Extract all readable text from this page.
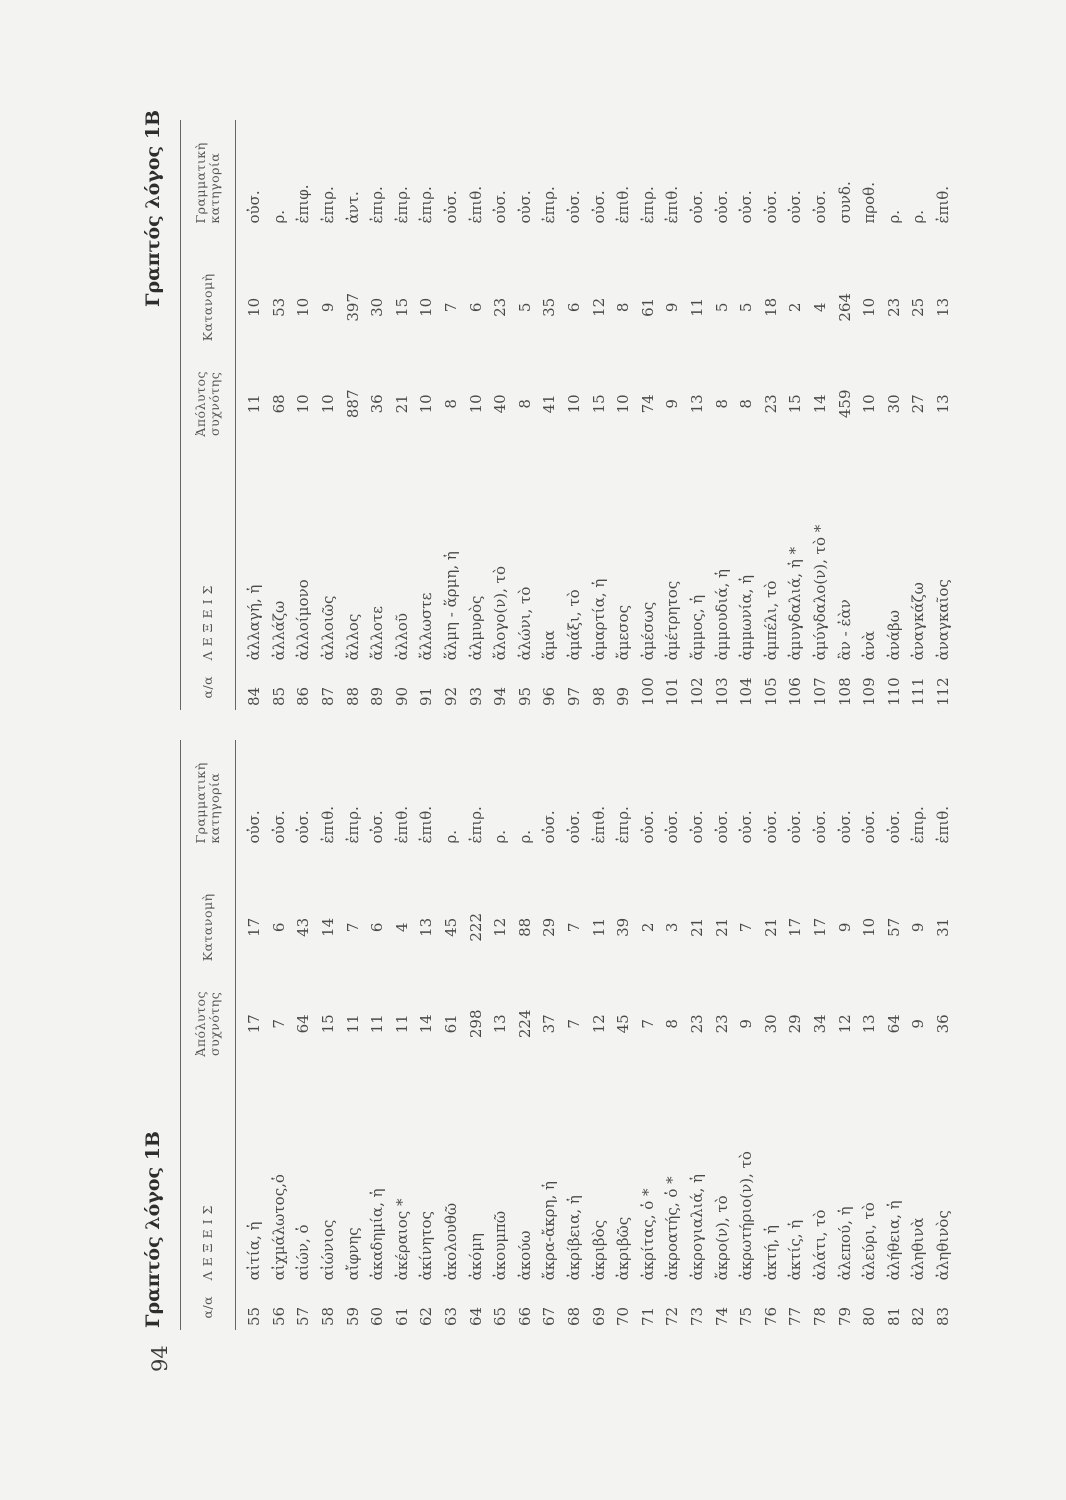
94
Γραπτός λόγος 1Β	α/α
Λ Ε Ξ Ε Ι Σ
Ἀπόλυτος
συχνότης
Κατανομὴ
Γραμματικὴ
κατηγορία
55
αἰτία, ἡ
17
17
οὐσ.
56
αἰχμάλωτος,ὁ
7
6
οὐσ.
57
αἰών, ὁ
64
43
οὐσ.
58
αἰώνιος
15
14
ἐπιθ.
59
αἴφνης
11
7
ἐπιρ.
60
ἀκαδημία, ἡ
11
6
οὐσ.
61
ἀκέραιος *
11
4
ἐπιθ.
62
ἀκίνητος
14
13
ἐπιθ.
63
ἀκολουθῶ
61
45
ρ.
64
ἀκόμη
298
222
ἐπιρ.
65
ἀκουμπῶ
13
12
ρ.
66
ἀκούω
224
88
ρ.
67
ἄκρα-ἄκρη, ἡ
37
29
οὐσ.
68
ἀκρίβεια, ἡ
7
7
οὐσ.
69
ἀκριβὸς
12
11
ἐπιθ.
70
ἀκριβῶς
45
39
ἐπιρ.
71
ἀκρίτας, ὁ *
7
2
οὐσ.
72
ἀκροατής, ὁ *
8
3
οὐσ.
73
ἀκρογιαλιά, ἡ
23
21
οὐσ.
74
ἄκρο(ν), τὸ
23
21
οὐσ.
75
ἀκρωτήριο(ν), τὸ
9
7
οὐσ.
76
ἀκτή, ἡ
30
21
οὐσ.
77
ἀκτίς, ἡ
29
17
οὐσ.
78
ἀλάτι, τὸ
34
17
οὐσ.
79
ἀλεπού, ἡ
12
9
οὐσ.
80
ἀλεύρι, τὸ
13
10
οὐσ.
81
ἀλήθεια, ἡ
64
57
οὐσ.
82
ἀληθινὰ
9
9
ἐπιρ.
83
ἀληθινὸς
36
31
ἐπιθ.
Γραπτός λόγος 1Β
α/α
Λ Ε Ξ Ε Ι Σ
Ἀπόλυτος
συχνότης
Κατανομὴ
Γραμματικὴ
κατηγορία
84
ἀλλαγή, ἡ
11
10
οὐσ.
85
ἀλλάζω
68
53
ρ.
86
ἀλλοίμονο
10
10
ἐπιφ.
87
ἀλλοιῶς
10
9
ἐπιρ.
88
ἄλλος
887
397
ἀντ.
89
ἄλλοτε
36
30
ἐπιρ.
90
ἀλλοῦ
21
15
ἐπιρ.
91
ἄλλωστε
10
10
ἐπιρ.
92
ἅλμη - ἅρμη, ἡ
8
7
οὐσ.
93
ἁλμυρὸς
10
6
ἐπιθ.
94
ἄλογο(ν), τὸ
40
23
οὐσ.
95
ἁλώνι, τὸ
8
5
οὐσ.
96
ἅμα
41
35
ἐπιρ.
97
ἀμάξι, τὸ
10
6
οὐσ.
98
ἁμαρτία, ἡ
15
12
οὐσ.
99
ἄμεσος
10
8
ἐπιθ.
100
ἀμέσως
74
61
ἐπιρ.
101
ἀμέτρητος
9
9
ἐπιθ.
102
ἄμμος, ἡ
13
11
οὐσ.
103
ἀμμουδιά, ἡ
8
5
οὐσ.
104
ἀμμωνία, ἡ
8
5
οὐσ.
105
ἀμπέλι, τὸ
23
18
οὐσ.
106
ἀμυγδαλιά, ἡ *
15
2
οὐσ.
107
ἀμύγδαλο(ν), τὸ *
14
4
οὐσ.
108
ἂν - ἐὰν
459
264
συνδ.
109
ἀνὰ
10
10
προθ.
110
ἀνάβω
30
23
ρ.
111
ἀναγκάζω
27
25
ρ.
112
ἀναγκαῖος
13
13
ἐπιθ.
